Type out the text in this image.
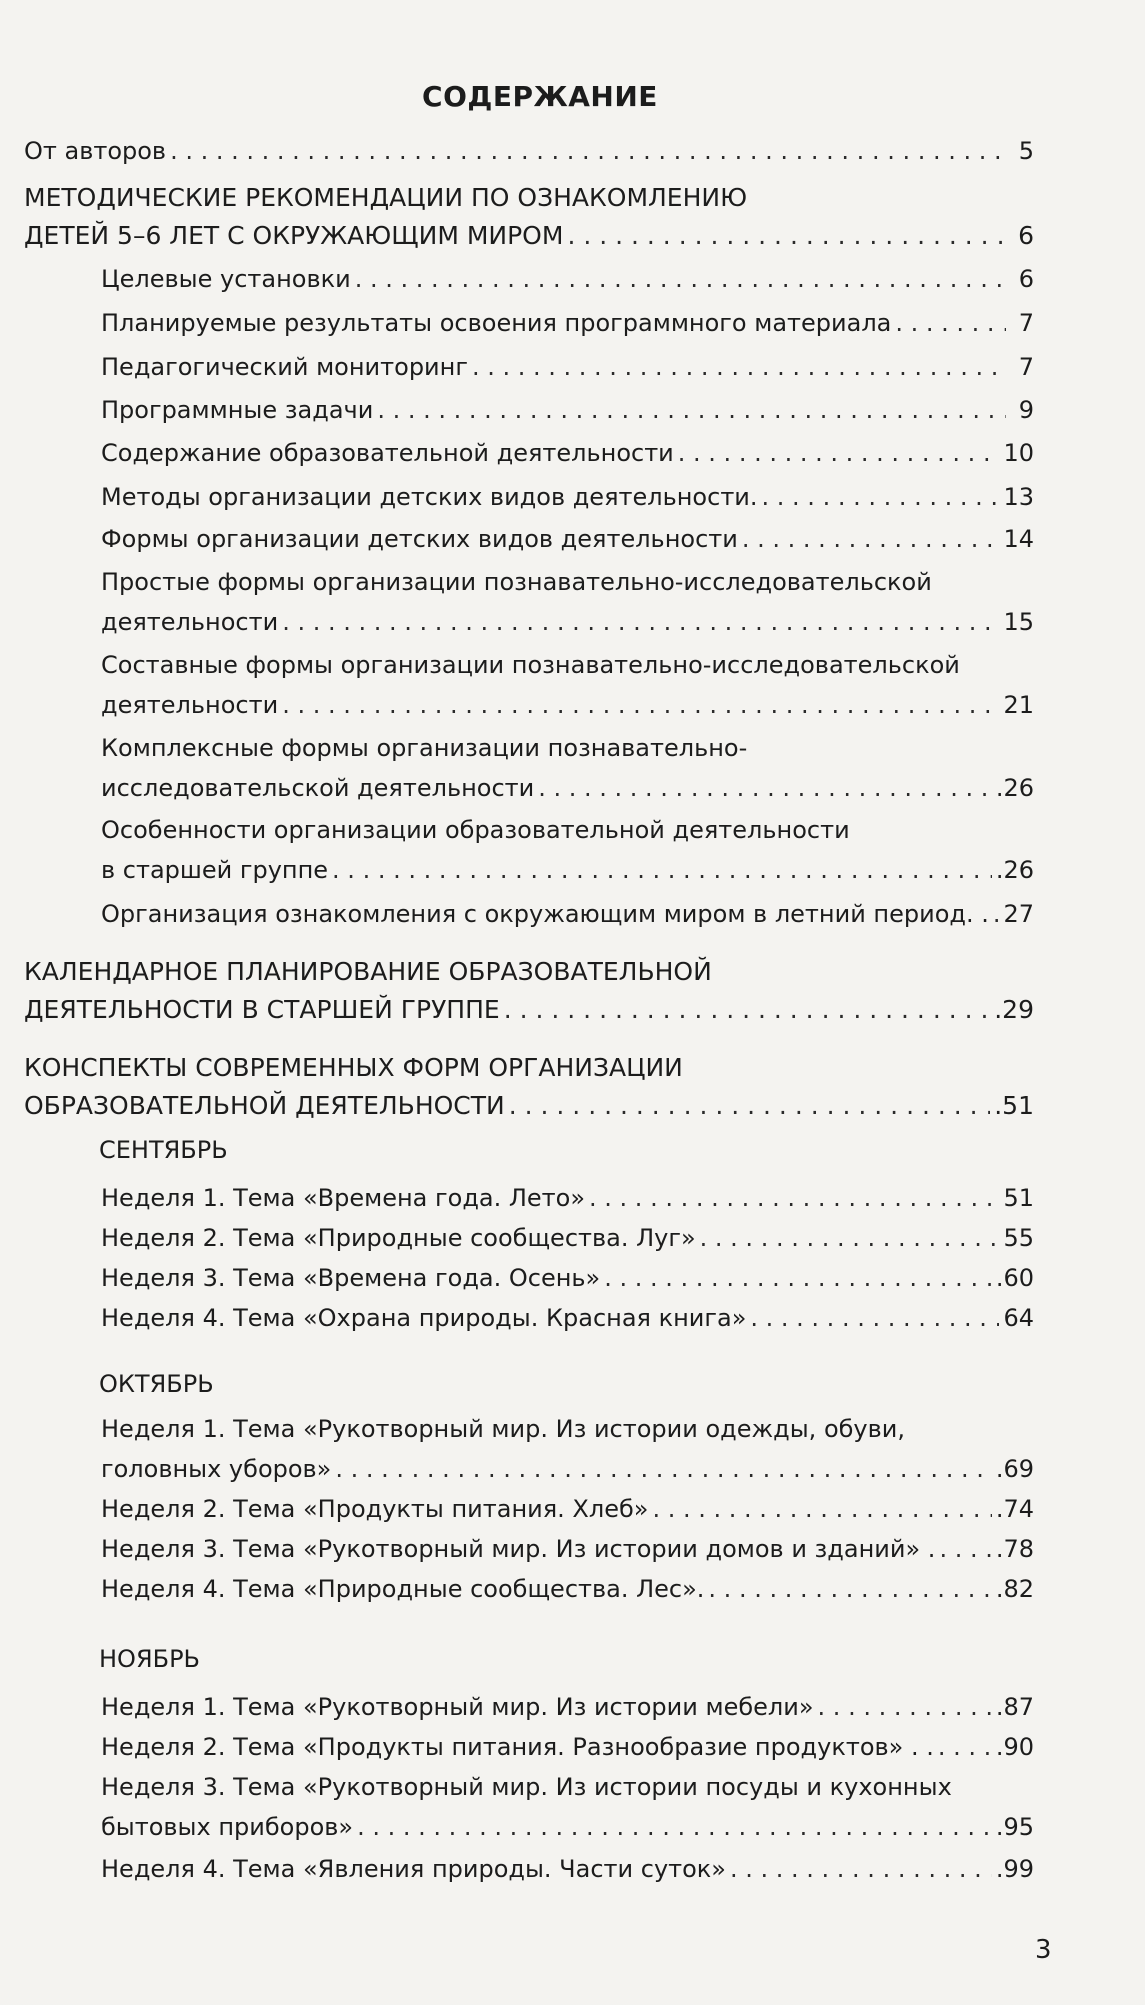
СОДЕРЖАНИЕ
От авторов . . .	5
МЕТОДИЧЕСКИЕ РЕКОМЕНДАЦИИ ПО ОЗНАКОМЛЕНИЮ
ДЕТЕЙ 5–6 ЛЕТ С ОКРУЖАЮЩИМ МИРОМ . . .	6
Целевые установки . . .	6
Планируемые результаты освоения программного материала . . .	7
Педагогический мониторинг . . .	7
Программные задачи . . .	9
Содержание образовательной деятельности . . .	10
Методы организации детских видов деятельности. . . .	13
Формы организации детских видов деятельности . . .	14
Простые формы организации познавательно-исследовательской
деятельности . . .	15
Составные формы организации познавательно-исследовательской
деятельности . . .	21
Комплексные формы организации познавательно-
исследовательской деятельности . . .	.26
Особенности организации образовательной деятельности
в старшей группе . . .	.26
Организация ознакомления с окружающим миром в летний период. . . . . 27
КАЛЕНДАРНОЕ ПЛАНИРОВАНИЕ ОБРАЗОВАТЕЛЬНОЙ
ДЕЯТЕЛЬНОСТИ В СТАРШЕЙ ГРУППЕ . . .	.29
КОНСПЕКТЫ СОВРЕМЕННЫХ ФОРМ ОРГАНИЗАЦИИ
ОБРАЗОВАТЕЛЬНОЙ ДЕЯТЕЛЬНОСТИ . . .	.51
СЕНТЯБРЬ
Неделя 1. Тема «Времена года. Лето» . . .	51
Неделя 2. Тема «Природные сообщества. Луг» . . .	55
Неделя 3. Тема «Времена года. Осень» . . .	.60
Неделя 4. Тема «Охрана природы. Красная книга» . . .	64
ОКТЯБРЬ
Неделя 1. Тема «Рукотворный мир. Из истории одежды, обуви,
головных уборов» . . .	.69
Неделя 2. Тема «Продукты питания. Хлеб» . . .	.74
Неделя 3. Тема «Рукотворный мир. Из истории домов и зданий» . . . .	.78
Неделя 4. Тема «Природные сообщества. Лес». . . .	.82
НОЯБРЬ
Неделя 1. Тема «Рукотворный мир. Из истории мебели» . . .	.87
Неделя 2. Тема «Продукты питания. Разнообразие продуктов» . . . . .	.90
Неделя 3. Тема «Рукотворный мир. Из истории посуды и кухонных
бытовых приборов» . . .	.95
Неделя 4. Тема «Явления природы. Части суток» . . .	.99
3
